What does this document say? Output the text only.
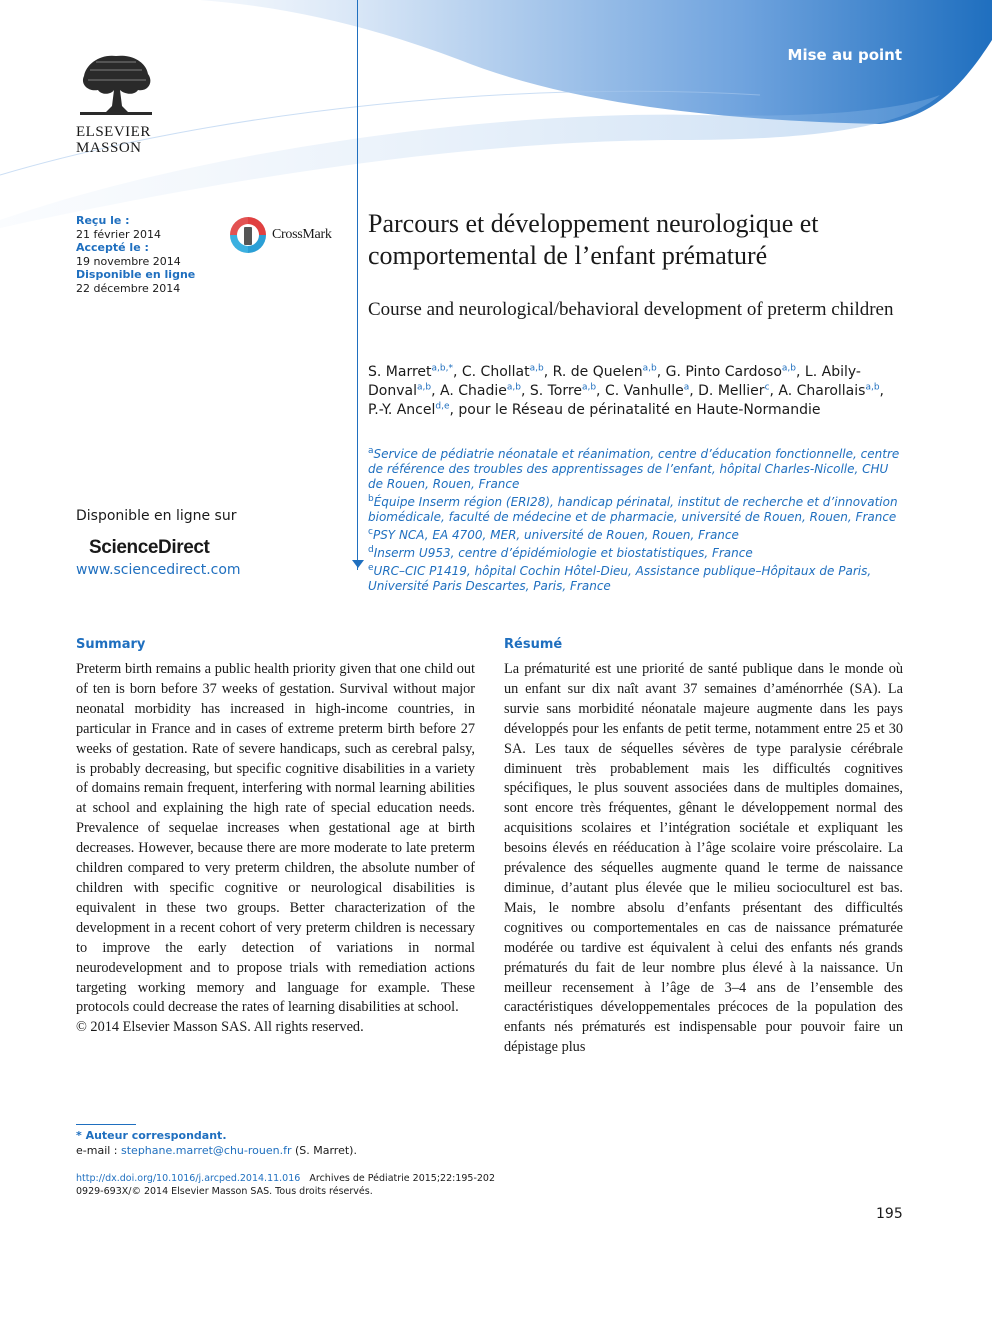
Mise au point
ELSEVIER
MASSON
Reçu le :
21 février 2014
Accepté le :
19 novembre 2014
Disponible en ligne
22 décembre 2014
CrossMark
Disponible en ligne sur
ScienceDirect
www.sciencedirect.com
Parcours et développement neurologique et comportemental de l’enfant prématuré
Course and neurological/behavioral development of preterm children
S. Marret$^{a,b,*}$, C. Chollat$^{a,b}$, R. de Quelen$^{a,b}$, G. Pinto Cardoso$^{a,b}$, L. Abily-Donval$^{a,b}$, A. Chadie$^{a,b}$, S. Torre$^{a,b}$, C. Vanhulle$^a$, D. Mellier$^c$, A. Charollais$^{a,b}$, P.-Y. Ancel$^{d,e}$, pour le Réseau de périnatalité en Haute-Normandie
$^a$Service de pédiatrie néonatale et réanimation, centre d’éducation fonctionnelle, centre de référence des troubles des apprentissages de l’enfant, hôpital Charles-Nicolle, CHU de Rouen, Rouen, France
$^b$Équipe Inserm région (ERI28), handicap périnatal, institut de recherche et d’innovation biomédicale, faculté de médecine et de pharmacie, université de Rouen, Rouen, France
$^c$PSY NCA, EA 4700, MER, université de Rouen, Rouen, France
$^d$Inserm U953, centre d’épidémiologie et biostatistiques, France
$^e$URC–CIC P1419, hôpital Cochin Hôtel-Dieu, Assistance publique–Hôpitaux de Paris, Université Paris Descartes, Paris, France
Summary
Preterm birth remains a public health priority given that one child out of ten is born before 37 weeks of gestation. Survival without major neonatal morbidity has increased in high-income countries, in particular in France and in cases of extreme preterm birth before 27 weeks of gestation. Rate of severe handicaps, such as cerebral palsy, is probably decreasing, but specific cognitive disabilities in a variety of domains remain frequent, interfering with normal learning abilities at school and explaining the high rate of special education needs. Prevalence of sequelae increases when gestational age at birth decreases. However, because there are more moderate to late preterm children compared to very preterm children, the absolute number of children with specific cognitive or neurological disabilities is equivalent in these two groups. Better characterization of the development in a recent cohort of very preterm children is necessary to improve the early detection of variations in normal neurodevelopment and to propose trials with remediation actions targeting working memory and language for example. These protocols could decrease the rates of learning disabilities at school.
© 2014 Elsevier Masson SAS. All rights reserved.
Résumé
La prématurité est une priorité de santé publique dans le monde où un enfant sur dix naît avant 37 semaines d’aménorrhée (SA). La survie sans morbidité néonatale majeure augmente dans les pays développés pour les enfants de petit terme, notamment entre 25 et 30 SA. Les taux de séquelles sévères de type paralysie cérébrale diminuent très probablement mais les difficultés cognitives spécifiques, le plus souvent associées dans de multiples domaines, sont encore très fréquentes, gênant le développement normal des acquisitions scolaires et l’intégration sociétale et expliquant les besoins élevés en rééducation à l’âge scolaire voire préscolaire. La prévalence des séquelles augmente quand le terme de naissance diminue, d’autant plus élevée que le milieu socioculturel est bas. Mais, le nombre absolu d’enfants présentant des difficultés cognitives ou comportementales en cas de naissance prématurée modérée ou tardive est équivalent à celui des enfants nés grands prématurés du fait de leur nombre plus élevé à la naissance. Un meilleur recensement à l’âge de 3–4 ans de l’ensemble des caractéristiques développementales précoces de la population des enfants nés prématurés est indispensable pour pouvoir faire un dépistage plus
* Auteur correspondant.
e-mail : stephane.marret@chu-rouen.fr (S. Marret).
http://dx.doi.org/10.1016/j.arcped.2014.11.016 Archives de Pédiatrie 2015;22:195-202
0929-693X/© 2014 Elsevier Masson SAS. Tous droits réservés.
195
